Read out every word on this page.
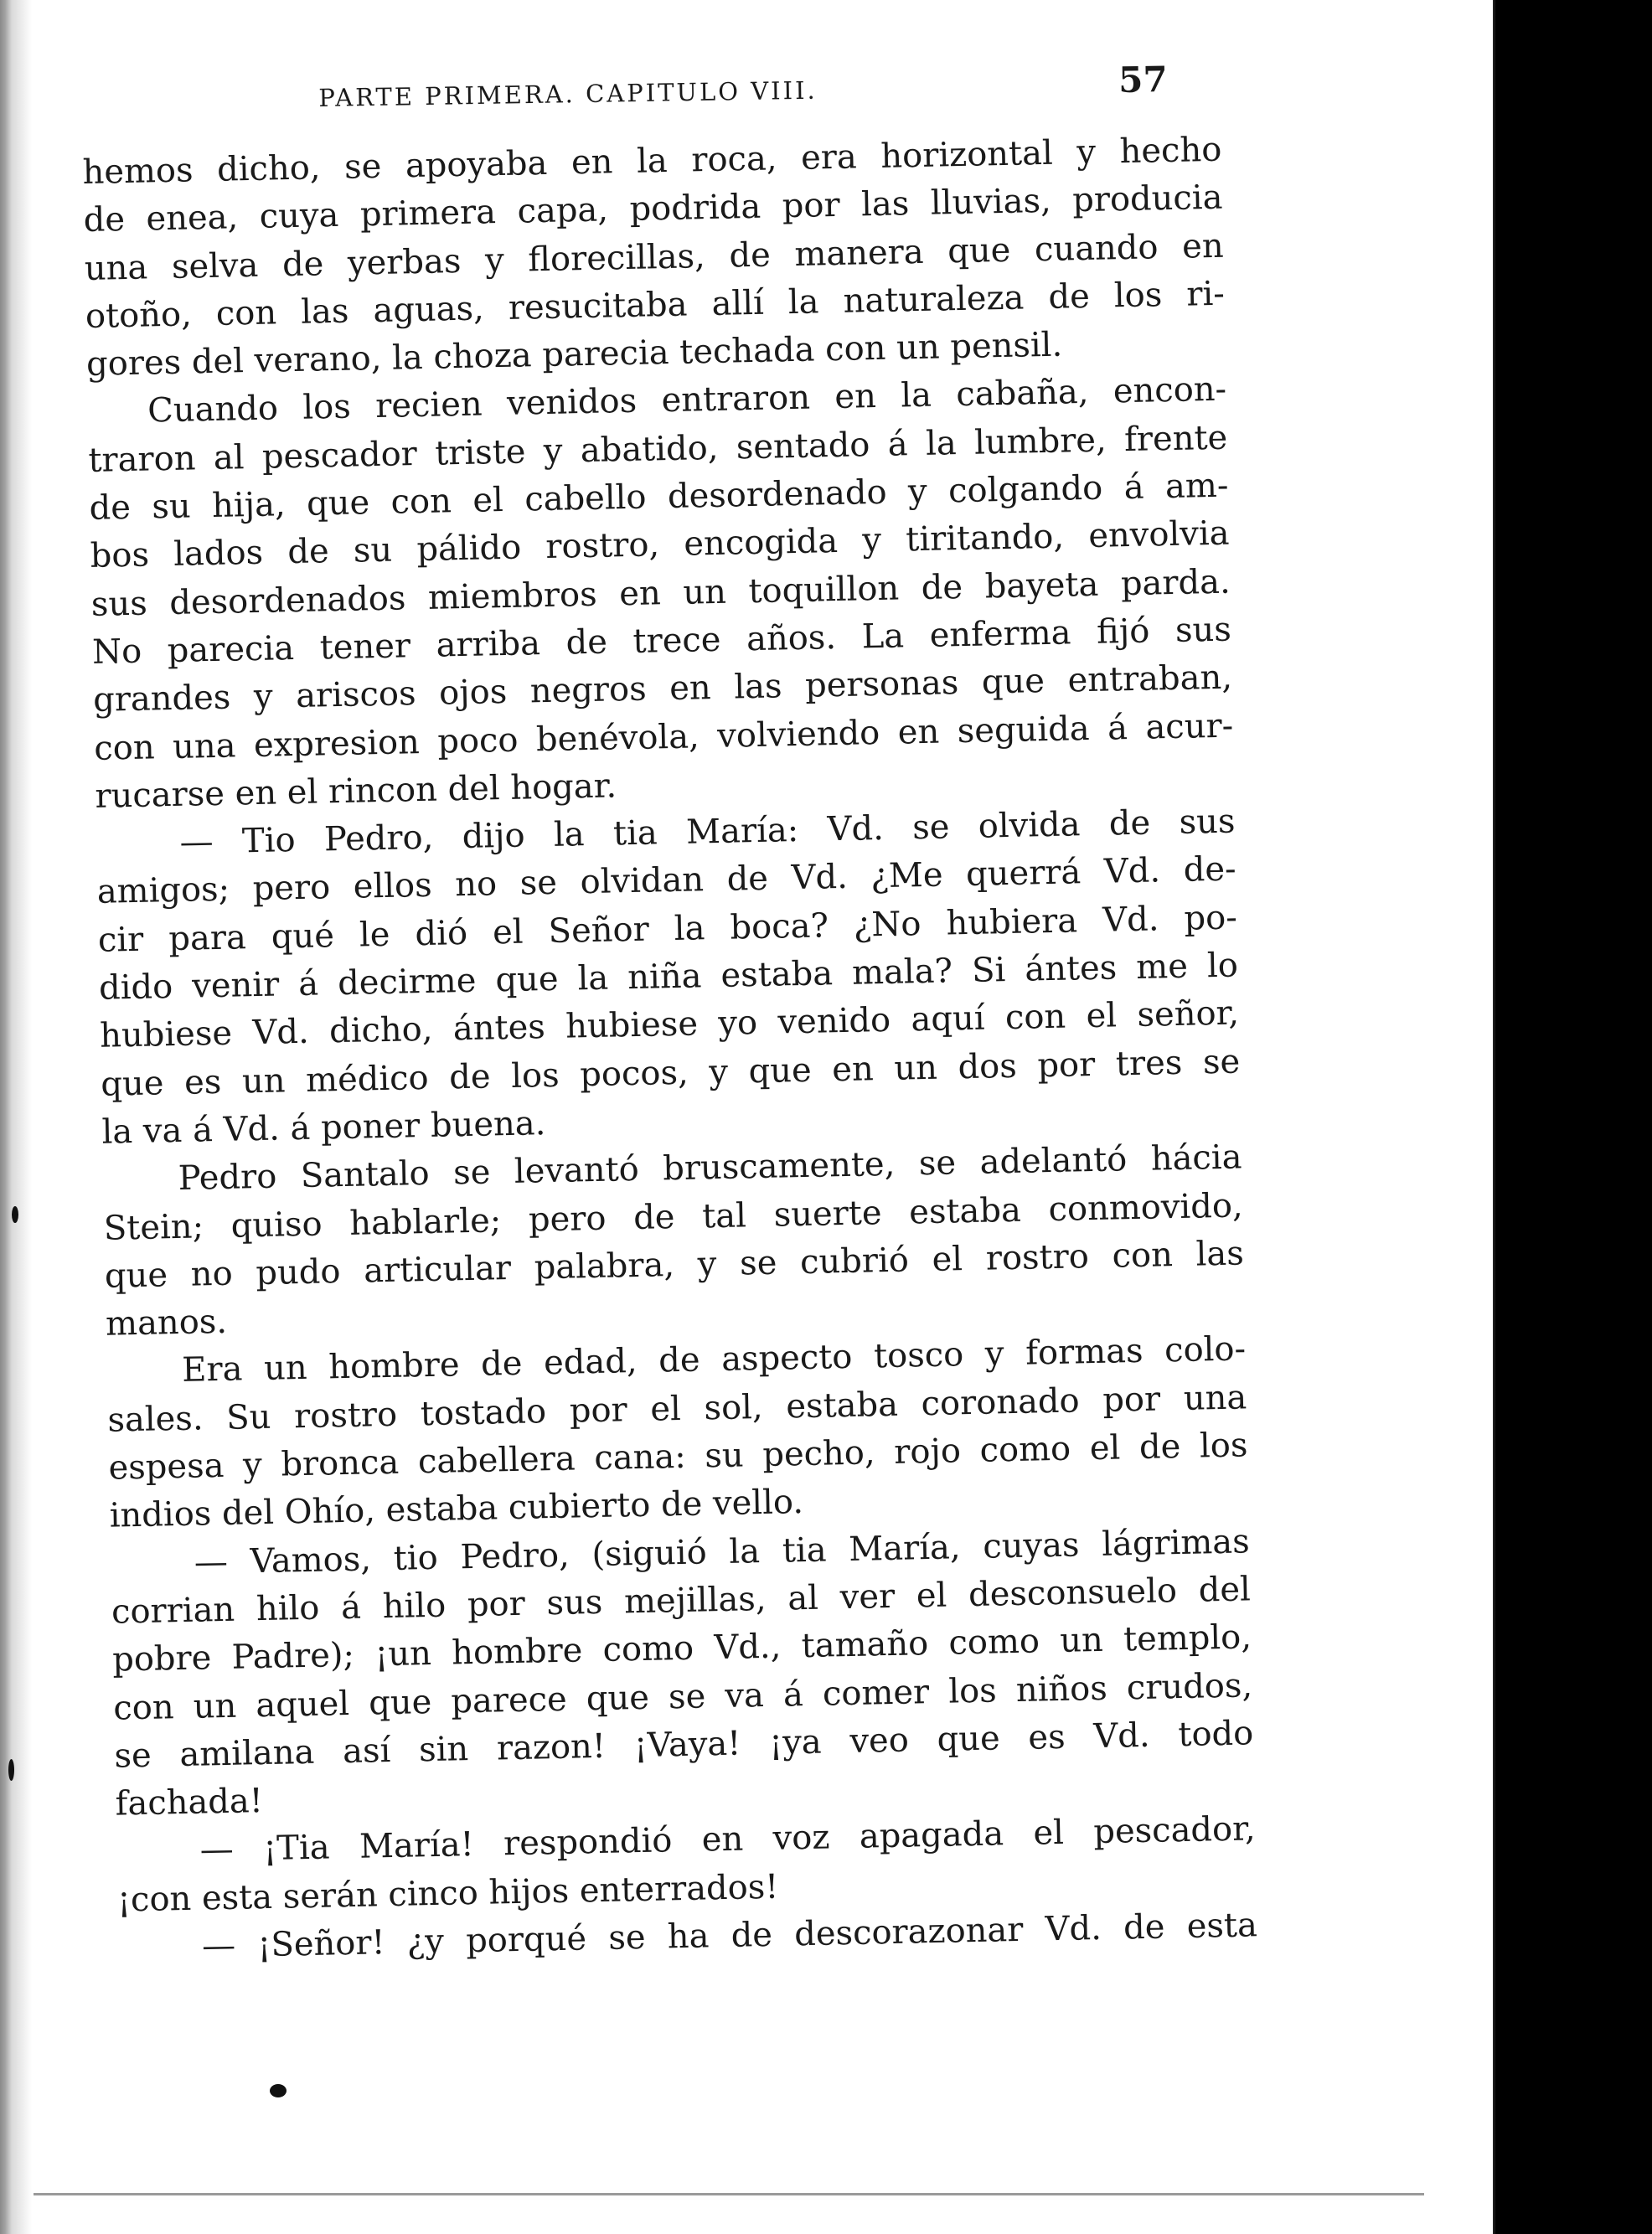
PARTE PRIMERA. CAPITULO VIII.	57
hemos dicho, se apoyaba en la roca, era horizontal y hecho
de enea, cuya primera capa, podrida por las lluvias, producia
una selva de yerbas y florecillas, de manera que cuando en
otoño, con las aguas, resucitaba allí la naturaleza de los ri-
gores del verano, la choza parecia techada con un pensil.
Cuando los recien venidos entraron en la cabaña, encon-
traron al pescador triste y abatido, sentado á la lumbre, frente
de su hija, que con el cabello desordenado y colgando á am-
bos lados de su pálido rostro, encogida y tiritando, envolvia
sus desordenados miembros en un toquillon de bayeta parda.
No parecia tener arriba de trece años. La enferma fijó sus
grandes y ariscos ojos negros en las personas que entraban,
con una expresion poco benévola, volviendo en seguida á acur-
rucarse en el rincon del hogar.
— Tio Pedro, dijo la tia María: Vd. se olvida de sus
amigos; pero ellos no se olvidan de Vd. ¿Me querrá Vd. de-
cir para qué le dió el Señor la boca? ¿No hubiera Vd. po-
dido venir á decirme que la niña estaba mala? Si ántes me lo
hubiese Vd. dicho, ántes hubiese yo venido aquí con el señor,
que es un médico de los pocos, y que en un dos por tres se
la va á Vd. á poner buena.
Pedro Santalo se levantó bruscamente, se adelantó hácia
Stein; quiso hablarle; pero de tal suerte estaba conmovido,
que no pudo articular palabra, y se cubrió el rostro con las
manos.
Era un hombre de edad, de aspecto tosco y formas colo-
sales. Su rostro tostado por el sol, estaba coronado por una
espesa y bronca cabellera cana: su pecho, rojo como el de los
indios del Ohío, estaba cubierto de vello.
— Vamos, tio Pedro, (siguió la tia María, cuyas lágrimas
corrian hilo á hilo por sus mejillas, al ver el desconsuelo del
pobre Padre); ¡un hombre como Vd., tamaño como un templo,
con un aquel que parece que se va á comer los niños crudos,
se amilana así sin razon! ¡Vaya! ¡ya veo que es Vd. todo
fachada!
— ¡Tia María! respondió en voz apagada el pescador,
¡con esta serán cinco hijos enterrados!
— ¡Señor! ¿y porqué se ha de descorazonar Vd. de esta
